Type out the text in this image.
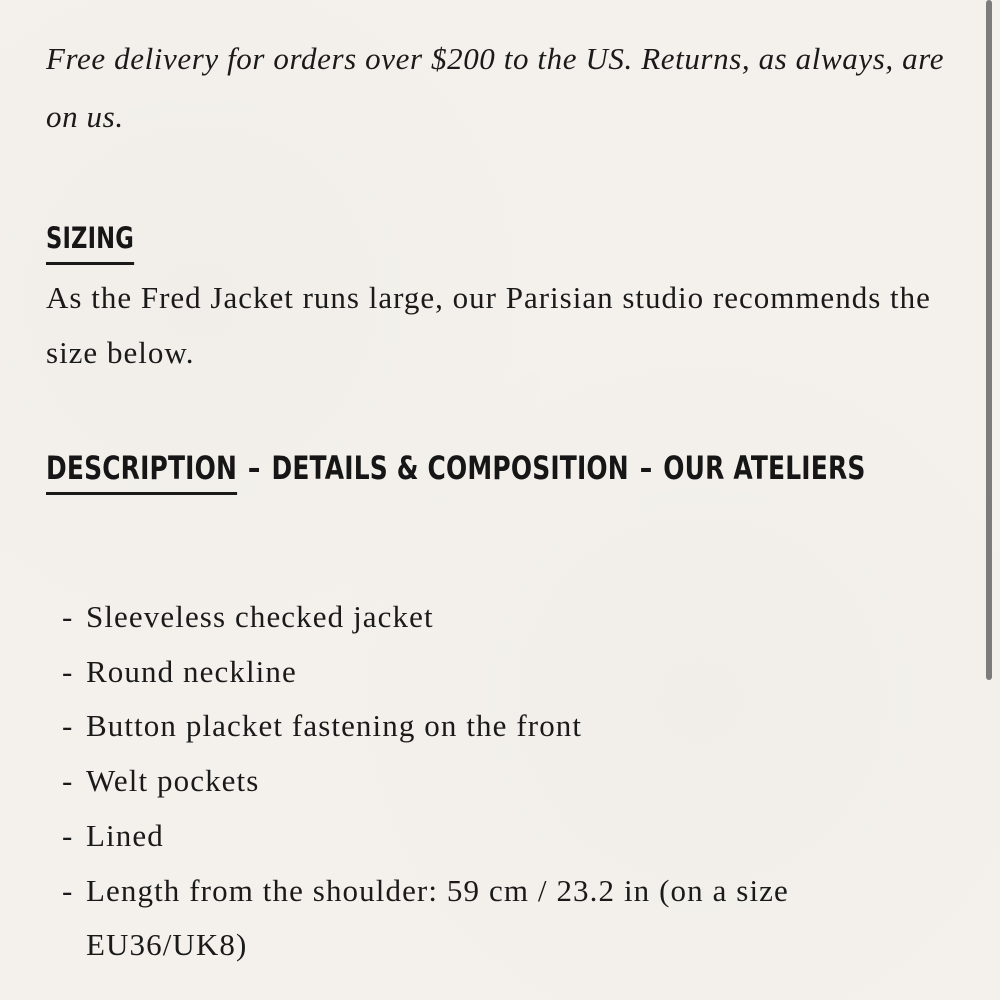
Free delivery for orders over $200 to the US. Returns, as always, are on us.

SIZING

As the Fred Jacket runs large, our Parisian studio recommends the size below.

DESCRIPTION – DETAILS & COMPOSITION – OUR ATELIERS
- Sleeveless checked jacket
- Round neckline
- Button placket fastening on the front
- Welt pockets
- Lined
- Length from the shoulder: 59 cm / 23.2 in (on a size EU36/UK8)
